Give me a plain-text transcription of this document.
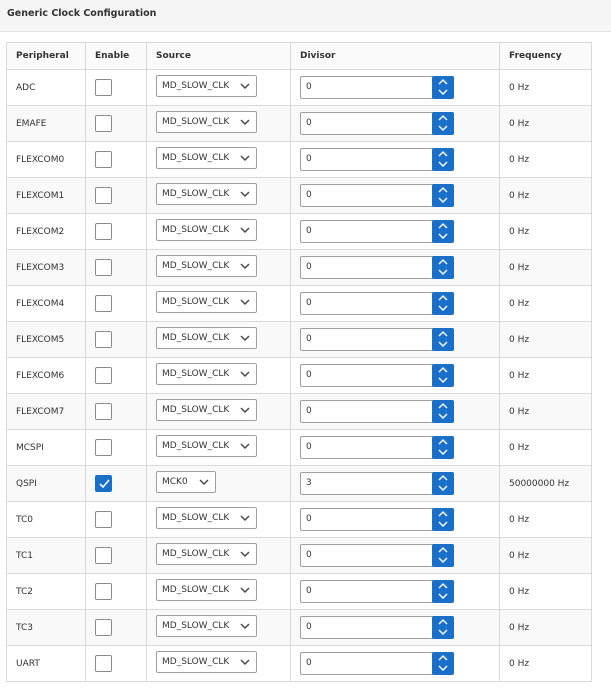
Generic Clock Configuration
Peripheral	Enable	Source	Divisor	Frequency
ADC		MD_SLOW_CLK	0	0 Hz
EMAFE		MD_SLOW_CLK	0	0 Hz
FLEXCOM0		MD_SLOW_CLK	0	0 Hz
FLEXCOM1		MD_SLOW_CLK	0	0 Hz
FLEXCOM2		MD_SLOW_CLK	0	0 Hz
FLEXCOM3		MD_SLOW_CLK	0	0 Hz
FLEXCOM4		MD_SLOW_CLK	0	0 Hz
FLEXCOM5		MD_SLOW_CLK	0	0 Hz
FLEXCOM6		MD_SLOW_CLK	0	0 Hz
FLEXCOM7		MD_SLOW_CLK	0	0 Hz
MCSPI		MD_SLOW_CLK	0	0 Hz
QSPI		MCK0	3	50000000 Hz
TC0		MD_SLOW_CLK	0	0 Hz
TC1		MD_SLOW_CLK	0	0 Hz
TC2		MD_SLOW_CLK	0	0 Hz
TC3		MD_SLOW_CLK	0	0 Hz
UART		MD_SLOW_CLK	0	0 Hz
